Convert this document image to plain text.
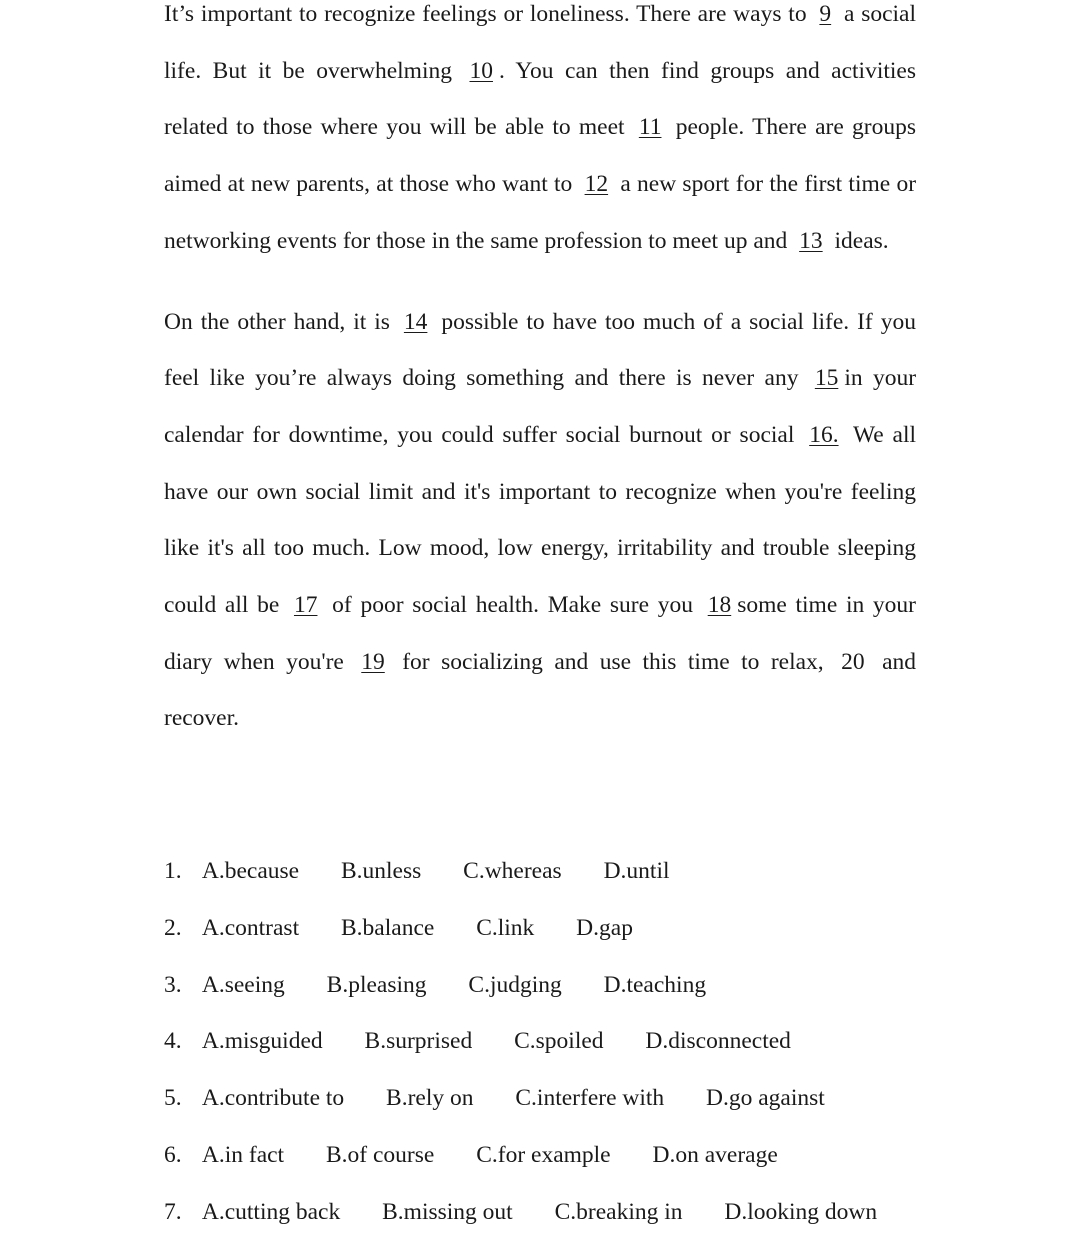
It’s important to recognize feelings or loneliness. There are ways to 9 a social life. But it be overwhelming 10 . You can then find groups and activities related to those where you will be able to meet 11 people. There are groups aimed at new parents, at those who want to 12 a new sport for the first time or networking events for those in the same profession to meet up and 13 ideas.

On the other hand, it is 14 possible to have too much of a social life. If you feel like you’re always doing something and there is never any 15 in your calendar for downtime, you could suffer social burnout or social 16. We all have our own social limit and it's important to recognize when you're feeling like it's all too much. Low mood, low energy, irritability and trouble sleeping could all be 17 of poor social health. Make sure you 18 some time in your diary when you're 19 for socializing and use this time to relax, 20 and recover.

1. A.because B.unless C.whereas D.until
2. A.contrast B.balance C.link D.gap
3. A.seeing B.pleasing C.judging D.teaching
4. A.misguided B.surprised C.spoiled D.disconnected
5. A.contribute to B.rely on C.interfere with D.go against
6. A.in fact B.of course C.for example D.on average
7. A.cutting back B.missing out C.breaking in D.looking down
